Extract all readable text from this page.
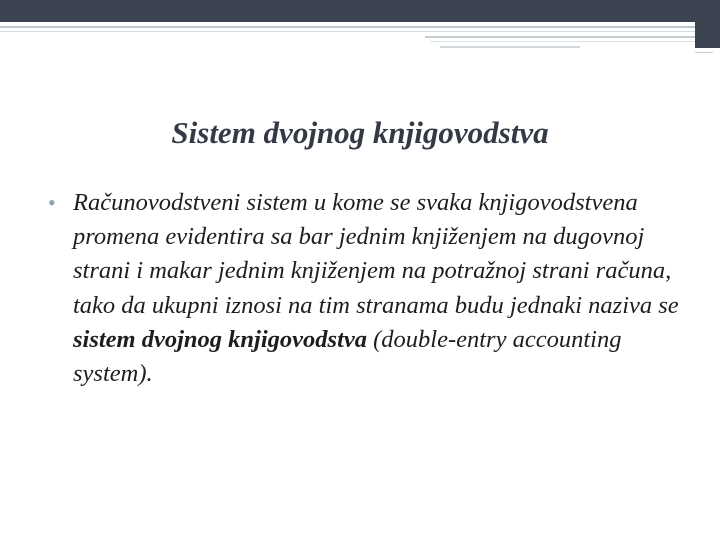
Sistem dvojnog knjigovodstva
• Računovodstveni sistem u kome se svaka knjigovodstvena promena evidentira sa bar jednim knjiženjem na dugovnoj strani i makar jednim knjiženjem na potražnoj strani računa, tako da ukupni iznosi na tim stranama budu jednaki naziva se sistem dvojnog knjigovodstva (double-entry accounting system).
